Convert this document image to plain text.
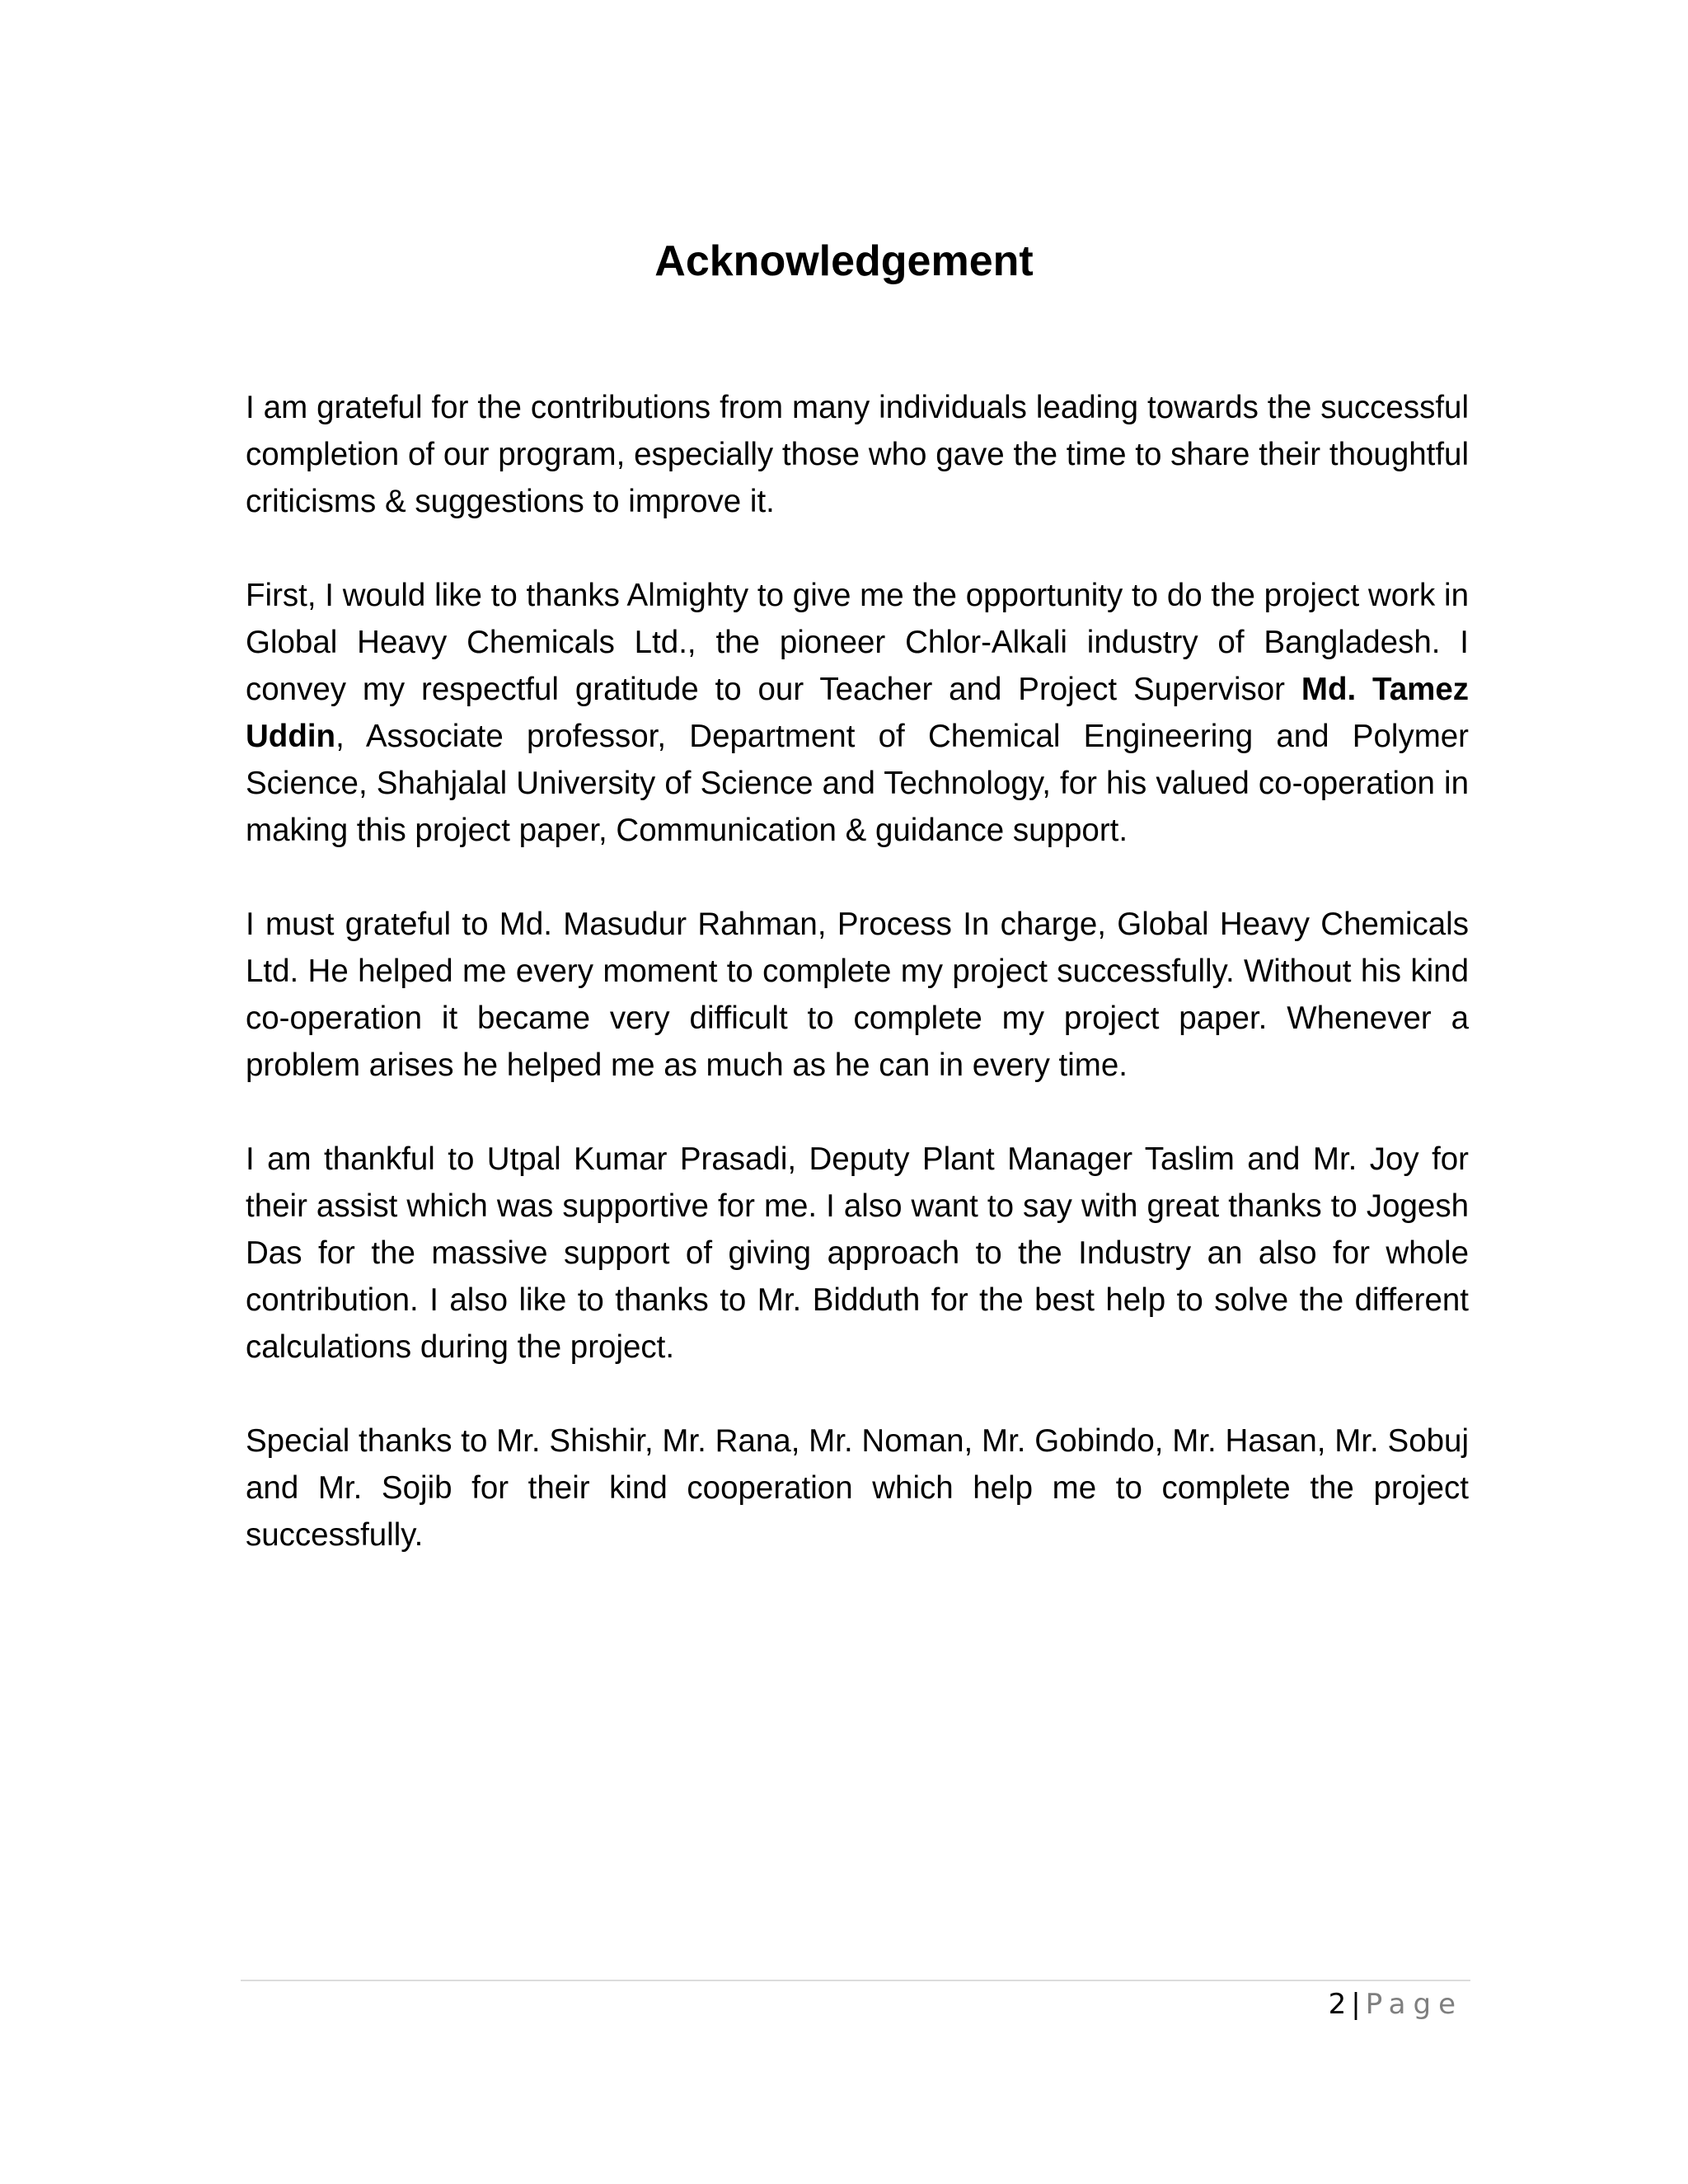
Acknowledgement

I am grateful for the contributions from many individuals leading towards the successful completion of our program, especially those who gave the time to share their thoughtful criticisms & suggestions to improve it.

First, I would like to thanks Almighty to give me the opportunity to do the project work in Global Heavy Chemicals Ltd., the pioneer Chlor-Alkali industry of Bangladesh. I convey my respectful gratitude to our Teacher and Project Supervisor Md. Tamez Uddin, Associate professor, Department of Chemical Engineering and Polymer Science, Shahjalal University of Science and Technology, for his valued co-operation in making this project paper, Communication & guidance support.

I must grateful to Md. Masudur Rahman, Process In charge, Global Heavy Chemicals Ltd. He helped me every moment to complete my project successfully. Without his kind co-operation it became very difficult to complete my project paper. Whenever a problem arises he helped me as much as he can in every time.

I am thankful to Utpal Kumar Prasadi, Deputy Plant Manager Taslim and Mr. Joy for their assist which was supportive for me. I also want to say with great thanks to Jogesh Das for the massive support of giving approach to the Industry an also for whole contribution. I also like to thanks to Mr. Bidduth for the best help to solve the different calculations during the project.

Special thanks to Mr. Shishir, Mr. Rana, Mr. Noman, Mr. Gobindo, Mr. Hasan, Mr. Sobuj and Mr. Sojib for their kind cooperation which help me to complete the project successfully.

2 | Page
